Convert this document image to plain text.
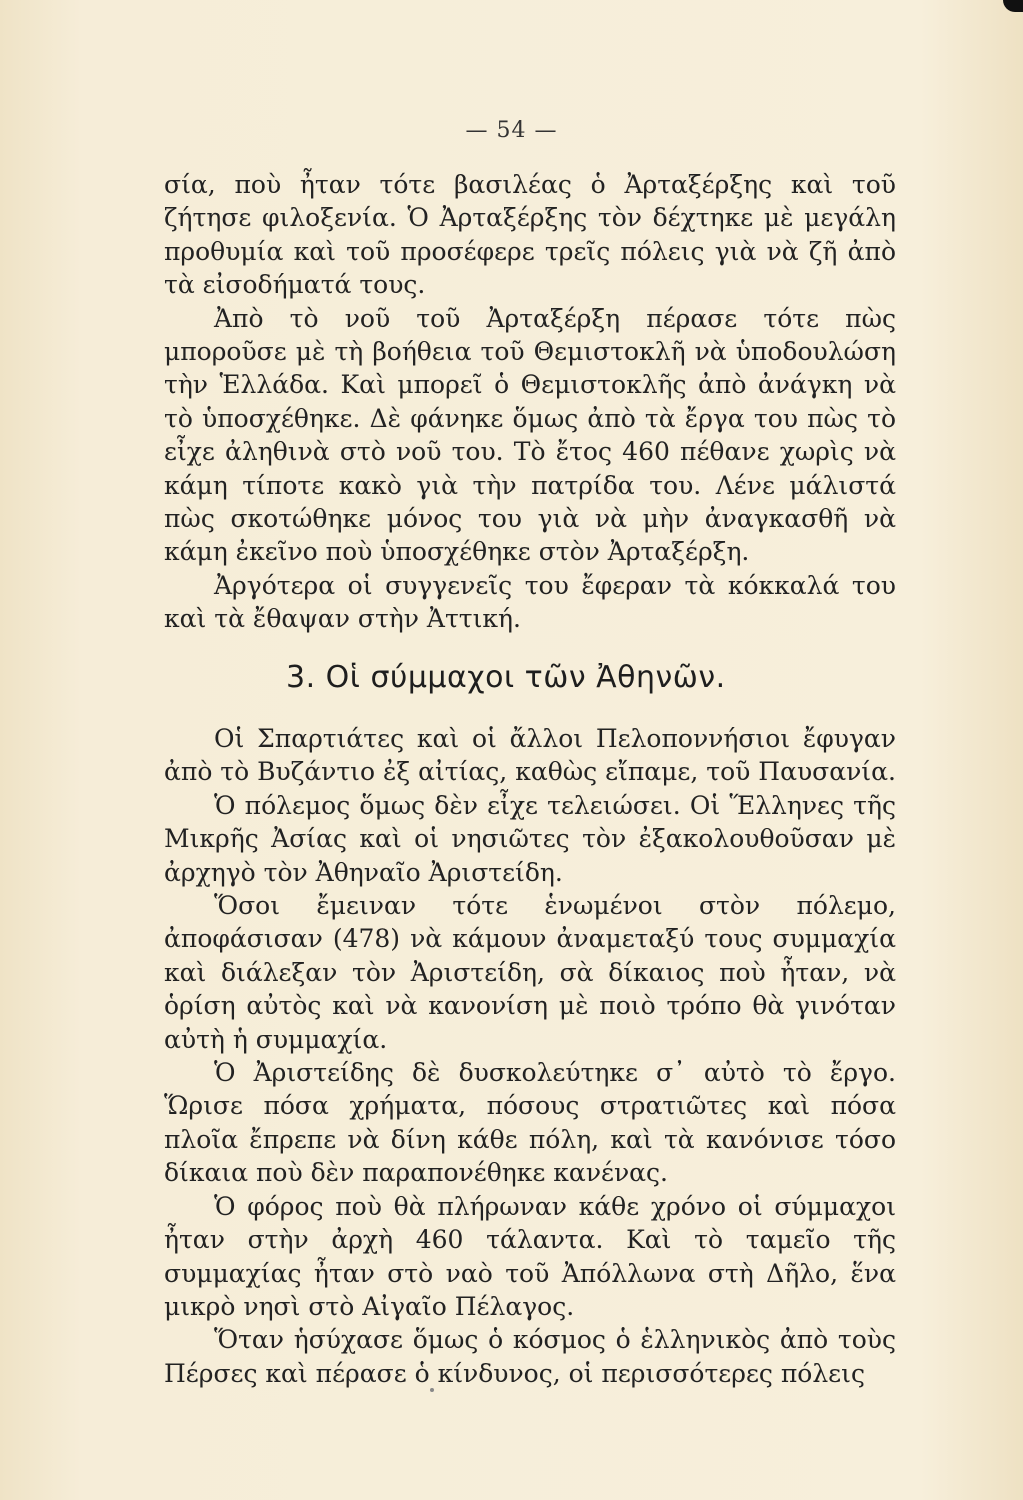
— 54 —

σία, ποὺ ἦταν τότε βασιλέας ὁ Ἀρταξέρξης καὶ τοῦ ζήτησε φιλοξενία. Ὁ Ἀρταξέρξης τὸν δέχτηκε μὲ μεγάλη προθυμία καὶ τοῦ προσέφερε τρεῖς πόλεις γιὰ νὰ ζῆ ἀπὸ τὰ εἰσοδήματά τους.

Ἀπὸ τὸ νοῦ τοῦ Ἀρταξέρξη πέρασε τότε πὼς μποροῦσε μὲ τὴ βοήθεια τοῦ Θεμιστοκλῆ νὰ ὑποδουλώση τὴν Ἑλλάδα. Καὶ μπορεῖ ὁ Θεμιστοκλῆς ἀπὸ ἀνάγκη νὰ τὸ ὑποσχέθηκε. Δὲ φάνηκε ὅμως ἀπὸ τὰ ἔργα του πὼς τὸ εἶχε ἀληθινὰ στὸ νοῦ του. Τὸ ἔτος 460 πέθανε χωρὶς νὰ κάμη τίποτε κακὸ γιὰ τὴν πατρίδα του. Λένε μάλιστά πὼς σκοτώθηκε μόνος του γιὰ νὰ μὴν ἀναγκασθῆ νὰ κάμη ἐκεῖνο ποὺ ὑποσχέθηκε στὸν Ἀρταξέρξη.

Ἀργότερα οἱ συγγενεῖς του ἔφεραν τὰ κόκκαλά του καὶ τὰ ἔθαψαν στὴν Ἀττική.

3. Οἱ σύμμαχοι τῶν Ἀθηνῶν.

Οἱ Σπαρτιάτες καὶ οἱ ἄλλοι Πελοποννήσιοι ἔφυγαν ἀπὸ τὸ Βυζάντιο ἐξ αἰτίας, καθὼς εἴπαμε, τοῦ Παυσανία.

Ὁ πόλεμος ὅμως δὲν εἶχε τελειώσει. Οἱ Ἕλληνες τῆς Μικρῆς Ἀσίας καὶ οἱ νησιῶτες τὸν ἐξακολουθοῦσαν μὲ ἀρχηγὸ τὸν Ἀθηναῖο Ἀριστείδη.

Ὅσοι ἔμειναν τότε ἑνωμένοι στὸν πόλεμο, ἀποφάσισαν (478) νὰ κάμουν ἀναμεταξύ τους συμμαχία καὶ διάλεξαν τὸν Ἀριστείδη, σὰ δίκαιος ποὺ ἦταν, νὰ ὁρίση αὐτὸς καὶ νὰ κανονίση μὲ ποιὸ τρόπο θὰ γινόταν αὐτὴ ἡ συμμαχία.

Ὁ Ἀριστείδης δὲ δυσκολεύτηκε σ᾽ αὐτὸ τὸ ἔργο. Ὥρισε πόσα χρήματα, πόσους στρατιῶτες καὶ πόσα πλοῖα ἔπρεπε νὰ δίνη κάθε πόλη, καὶ τὰ κανόνισε τόσο δίκαια ποὺ δὲν παραπονέθηκε κανένας.

Ὁ φόρος ποὺ θὰ πλήρωναν κάθε χρόνο οἱ σύμμαχοι ἦταν στὴν ἀρχὴ 460 τάλαντα. Καὶ τὸ ταμεῖο τῆς συμμαχίας ἦταν στὸ ναὸ τοῦ Ἀπόλλωνα στὴ Δῆλο, ἕνα μικρὸ νησὶ στὸ Αἰγαῖο Πέλαγος.

Ὅταν ἡσύχασε ὅμως ὁ κόσμος ὁ ἑλληνικὸς ἀπὸ τοὺς Πέρσες καὶ πέρασε ὁ κίνδυνος, οἱ περισσότερες πόλεις
